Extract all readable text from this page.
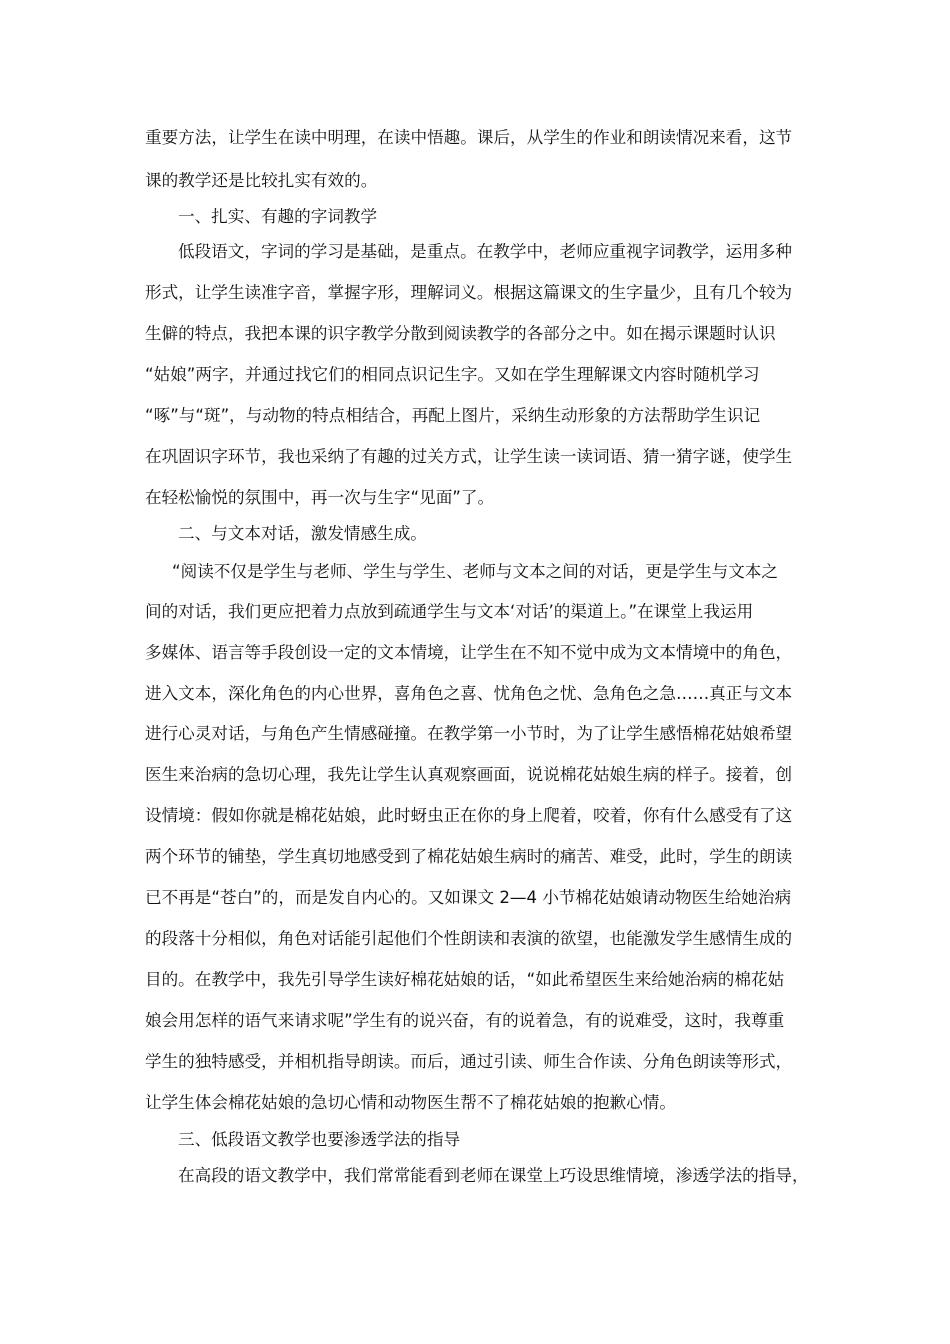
重要方法，让学生在读中明理，在读中悟趣。课后，从学生的作业和朗读情况来看，这节
课的教学还是比较扎实有效的。
一、扎实、有趣的字词教学
低段语文，字词的学习是基础，是重点。在教学中，老师应重视字词教学，运用多种
形式，让学生读准字音，掌握字形，理解词义。根据这篇课文的生字量少，且有几个较为
生僻的特点，我把本课的识字教学分散到阅读教学的各部分之中。如在揭示课题时认识
“姑娘”两字，并通过找它们的相同点识记生字。又如在学生理解课文内容时随机学习
“啄”与“斑”，与动物的特点相结合，再配上图片，采纳生动形象的方法帮助学生识记
在巩固识字环节，我也采纳了有趣的过关方式，让学生读一读词语、猜一猜字谜，使学生
在轻松愉悦的氛围中，再一次与生字“见面”了。
二、与文本对话，激发情感生成。
“阅读不仅是学生与老师、学生与学生、老师与文本之间的对话，更是学生与文本之
间的对话，我们更应把着力点放到疏通学生与文本‘对话’的渠道上。”在课堂上我运用
多媒体、语言等手段创设一定的文本情境，让学生在不知不觉中成为文本情境中的角色，
进入文本，深化角色的内心世界，喜角色之喜、忧角色之忧、急角色之急……真正与文本
进行心灵对话，与角色产生情感碰撞。在教学第一小节时，为了让学生感悟棉花姑娘希望
医生来治病的急切心理，我先让学生认真观察画面，说说棉花姑娘生病的样子。接着，创
设情境：假如你就是棉花姑娘，此时蚜虫正在你的身上爬着，咬着，你有什么感受有了这
两个环节的铺垫，学生真切地感受到了棉花姑娘生病时的痛苦、难受，此时，学生的朗读
已不再是“苍白”的，而是发自内心的。又如课文 2—4 小节棉花姑娘请动物医生给她治病
的段落十分相似，角色对话能引起他们个性朗读和表演的欲望，也能激发学生感情生成的
目的。在教学中，我先引导学生读好棉花姑娘的话，“如此希望医生来给她治病的棉花姑
娘会用怎样的语气来请求呢”学生有的说兴奋，有的说着急，有的说难受，这时，我尊重
学生的独特感受，并相机指导朗读。而后，通过引读、师生合作读、分角色朗读等形式，
让学生体会棉花姑娘的急切心情和动物医生帮不了棉花姑娘的抱歉心情。
三、低段语文教学也要渗透学法的指导
在高段的语文教学中，我们常常能看到老师在课堂上巧设思维情境，渗透学法的指导，
